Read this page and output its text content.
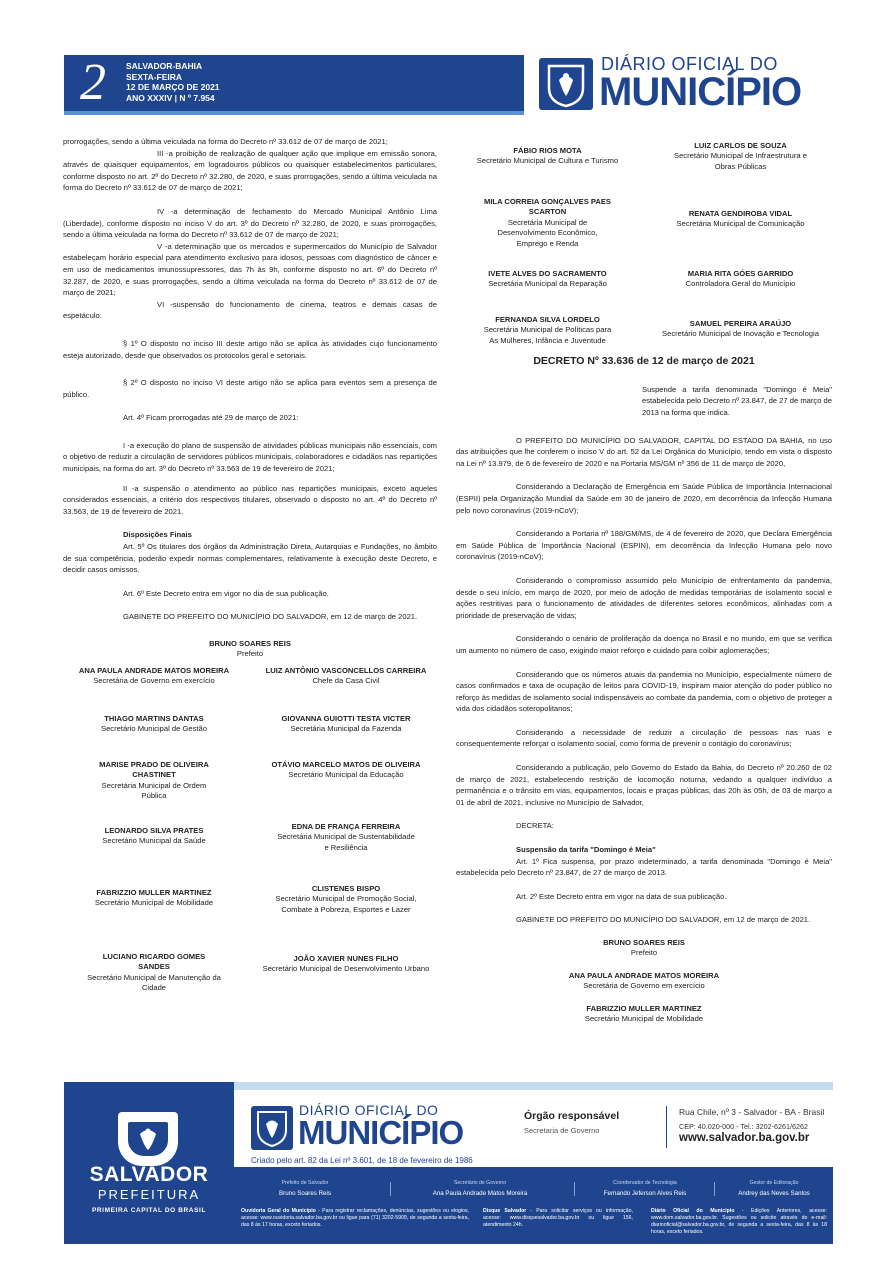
2	SALVADOR-BAHIA
SEXTA-FEIRA
12 DE MARÇO DE 2021
ANO XXXIV | N º 7.954
DIÁRIO OFICIAL DO
MUNICÍPIO

prorrogações, sendo a última veiculada na forma do Decreto nº 33.612 de 07 de março de 2021;

III -a proibição de realização de qualquer ação que implique em emissão sonora, através de quaisquer equipamentos, em logradouros públicos ou quaisquer estabelecimentos particulares, conforme disposto no art. 2º do Decreto nº 32.280, de 2020, e suas prorrogações, sendo a última veiculada na forma do Decreto nº 33.612 de 07 de março de 2021;

IV -a determinação de fechamento do Mercado Municipal Antônio Lima (Liberdade), conforme disposto no inciso V do art. 3º do Decreto nº 32.280, de 2020, e suas prorrogações, sendo a última veiculada na forma do Decreto nº 33.612 de 07 de março de 2021;

V -a determinação que os mercados e supermercados do Município de Salvador estabeleçam horário especial para atendimento exclusivo para idosos, pessoas com diagnóstico de câncer e em uso de medicamentos imunossupressores, das 7h às 9h, conforme disposto no art. 6º do Decreto nº 32.287, de 2020, e suas prorrogações, sendo a última veiculada na forma do Decreto nº 33.612 de 07 de março de 2021;

VI -suspensão do funcionamento de cinema, teatros e demais casas de espetáculo.

§ 1º O disposto no inciso III deste artigo não se aplica às atividades cujo funcionamento esteja autorizado, desde que observados os protocolos geral e setoriais.

§ 2º O disposto no inciso VI deste artigo não se aplica para eventos sem a presença de público.

Art. 4º Ficam prorrogadas até 29 de março de 2021:

I -a execução do plano de suspensão de atividades públicas municipais não essenciais, com o objetivo de reduzir a circulação de servidores públicos municipais, colaboradores e cidadãos nas repartições municipais, na forma do art. 3º do Decreto nº 33.563 de 19 de fevereiro de 2021;

II -a suspensão o atendimento ao público nas repartições municipais, exceto aqueles considerados essenciais, a critério dos respectivos titulares, observado o disposto no art. 4º do Decreto nº 33.563, de 19 de fevereiro de 2021.

Disposições Finais

Art. 5º Os titulares dos órgãos da Administração Direta, Autarquias e Fundações, no âmbito de sua competência, poderão expedir normas complementares, relativamente à execução deste Decreto, e decidir casos omissos.

Art. 6º Este Decreto entra em vigor no dia de sua publicação.

GABINETE DO PREFEITO DO MUNICÍPIO DO SALVADOR, em 12 de março de 2021.

BRUNO SOARES REIS
Prefeito
ANA PAULA ANDRADE MATOS MOREIRA
Secretária de Governo em exercício
LUIZ ANTÔNIO VASCONCELLOS CARREIRA
Chefe da Casa Civil
THIAGO MARTINS DANTAS
Secretário Municipal de Gestão
GIOVANNA GUIOTTI TESTA VICTER
Secretária Municipal da Fazenda
MARISE PRADO DE OLIVEIRA CHASTINET
Secretária Municipal de Ordem Pública
OTÁVIO MARCELO MATOS DE OLIVEIRA
Secretário Municipal da Educação
LEONARDO SILVA PRATES
Secretário Municipal da Saúde
EDNA DE FRANÇA FERREIRA
Secretária Municipal de Sustentabilidade e Resiliência
FABRIZZIO MULLER MARTINEZ
Secretário Municipal de Mobilidade
CLISTENES BISPO
Secretário Municipal de Promoção Social, Combate à Pobreza, Esportes e Lazer
LUCIANO RICARDO GOMES SANDES
Secretário Municipal de Manutenção da Cidade
JOÃO XAVIER NUNES FILHO
Secretário Municipal de Desenvolvimento Urbano
FÁBIO RIOS MOTA
Secretário Municipal de Cultura e Turismo
LUIZ CARLOS DE SOUZA
Secretário Municipal de Infraestrutura e Obras Públicas
MILA CORREIA GONÇALVES PAES SCARTON
Secretária Municipal de Desenvolvimento Econômico, Emprego e Renda
RENATA GENDIROBA VIDAL
Secretária Municipal de Comunicação
IVETE ALVES DO SACRAMENTO
Secretária Municipal da Reparação
MARIA RITA GÓES GARRIDO
Controladora Geral do Município
FERNANDA SILVA LORDELO
Secretária Municipal de Políticas para As Mulheres, Infância e Juventude
SAMUEL PEREIRA ARAÚJO
Secretário Municipal de Inovação e Tecnologia
DECRETO Nº 33.636 de 12 de março de 2021

Suspende a tarifa denominada "Domingo é Meia" estabelecida pelo Decreto nº 23.847, de 27 de março de 2013 na forma que indica.

O PREFEITO DO MUNICÍPIO DO SALVADOR, CAPITAL DO ESTADO DA BAHIA, no uso das atribuições que lhe conferem o inciso V do art. 52 da Lei Orgânica do Município, tendo em vista o disposto na Lei nº 13.979, de 6 de fevereiro de 2020 e na Portaria MS/GM nº 356 de 11 de março de 2020,

Considerando a Declaração de Emergência em Saúde Pública de Importância Internacional (ESPII) pela Organização Mundial da Saúde em 30 de janeiro de 2020, em decorrência da Infecção Humana pelo novo coronavírus (2019-nCoV);

Considerando a Portaria nº 188/GM/MS, de 4 de fevereiro de 2020, que Declara Emergência em Saúde Pública de Importância Nacional (ESPIN), em decorrência da Infecção Humana pelo novo coronavírus (2019-nCoV);

Considerando o compromisso assumido pelo Município de enfrentamento da pandemia, desde o seu início, em março de 2020, por meio de adoção de medidas temporárias de isolamento social e ações restritivas para o funcionamento de atividades de diferentes setores econômicos, alinhadas com a prioridade de preservação de vidas;

Considerando o cenário de proliferação da doença no Brasil e no mundo, em que se verifica um aumento no número de caso, exigindo maior reforço e cuidado para coibir aglomerações;

Considerando que os números atuais da pandemia no Município, especialmente número de casos confirmados e taxa de ocupação de leitos para COVID-19, inspiram maior atenção do poder público no reforço às medidas de isolamento social indispensáveis ao combate da pandemia, com o objetivo de proteger a vida dos cidadãos soteropolitanos;

Considerando a necessidade de reduzir a circulação de pessoas nas ruas e consequentemente reforçar o isolamento social, como forma de prevenir o contágio do coronavírus;

Considerando a publicação, pelo Governo do Estado da Bahia, do Decreto nº 20.260 de 02 de março de 2021, estabelecendo restrição de locomoção noturna, vedando a qualquer indivíduo a permanência e o trânsito em vias, equipamentos, locais e praças públicas, das 20h às 05h, de 03 de março a 01 de abril de 2021, inclusive no Município de Salvador,

DECRETA:

Suspensão da tarifa "Domingo é Meia"

Art. 1º Fica suspensa, por prazo indeterminado, a tarifa denominada "Domingo é Meia" estabelecida pelo Decreto nº 23.847, de 27 de março de 2013.

Art. 2º Este Decreto entra em vigor na data de sua publicação.

GABINETE DO PREFEITO DO MUNICÍPIO DO SALVADOR, em 12 de março de 2021.

BRUNO SOARES REIS
Prefeito
ANA PAULA ANDRADE MATOS MOREIRA
Secretária de Governo em exercício
FABRIZZIO MULLER MARTINEZ
Secretário Municipal de Mobilidade
SALVADOR
PREFEITURA
PRIMEIRA CAPITAL DO BRASIL
DIÁRIO OFICIAL DO
MUNICÍPIO
Criado pelo art. 82 da Lei nº 3.601, de 18 de fevereiro de 1986
Órgão responsável
Secretaria de Governo
Rua Chile, nº 3 - Salvador - BA - Brasil
CEP: 40.020-000 - Tel.: 3202-6261/6262
www.salvador.ba.gov.br
Prefeito de Salvador
Bruno Soares Reis
Secretário de Governo
Ana Paula Andrade Matos Moreira
Coordenador de Tecnologia
Fernando Jeferson Alves Reis
Gestor de Editoração
Andrey das Neves Santos
Ouvidoria Geral do Município - Para registrar reclamações, denúncias, sugestões ou elogios, acesse: www.ouvidoria.salvador.ba.gov.br ou ligue para (71) 3202-5909, de segunda a sexta-feira, das 8 às 17 horas, exceto feriados.
Disque Salvador - Para solicitar serviços ou informação, acesse: www.disquesalvador.ba.gov.br ou ligue 156, atendimento 24h.
Diário Oficial do Município - Edições Anteriores, acesse: www.dom.salvador.ba.gov.br. Sugestões ou solicite através do e-mail: diariooficial@salvador.ba.gov.br, de segunda a sexta-feira, das 8 às 18 horas, exceto feriados.
